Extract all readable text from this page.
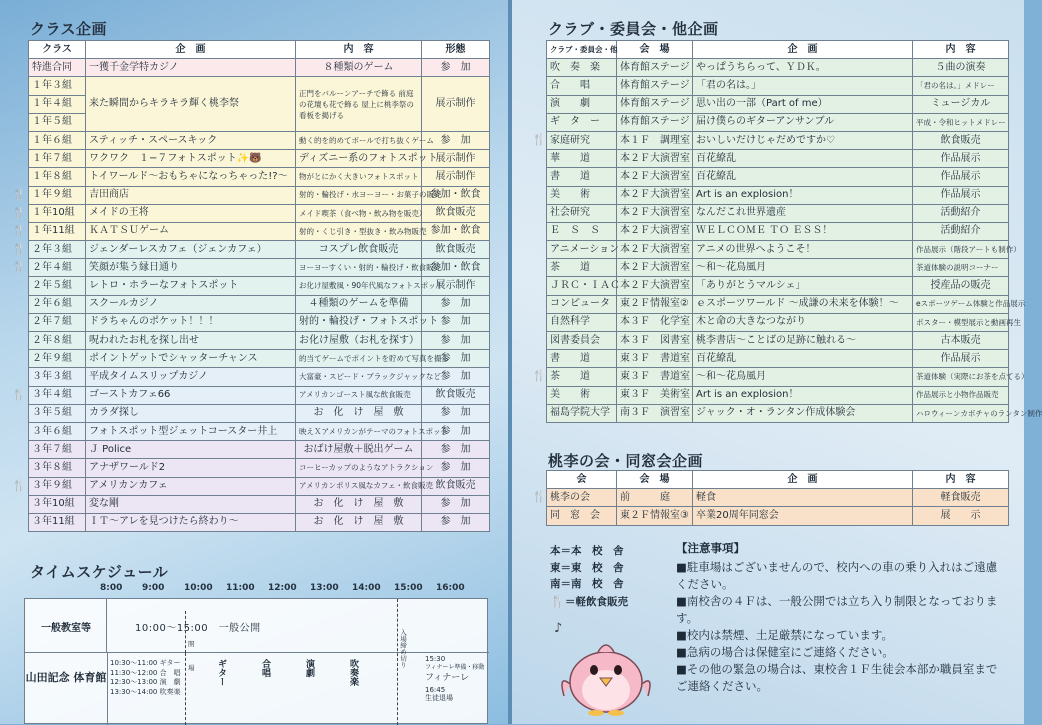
クラス企画
クラス	企　画	内　容	形態
特進合同	一獲千金学特カジノ	８種類のゲーム	参　加
１年３組	来た瞬間からキラキラ輝く桃李祭	正門をバルーンアーチで飾る 前庭の花壇も花で飾る 屋上に桃李祭の看板を掲げる	展示制作
１年４組			
１年５組			
１年６組	スティッチ・スペースキック	動く的を的めてボールで打ち抜くゲーム	参　加
１年７組	ワクワク　１−７フォトスポット✨🐻	ディズニー系のフォトスポット	展示制作
１年８組	トイワールド〜おもちゃになっちゃった!?〜	物がとにかく大きいフォトスポット	展示制作
１年９組	吉田商店	射的・輪投げ・水ヨーヨー・お菓子の販売	参加・飲食
１年10組	メイドの王将	メイド喫茶（食べ物・飲み物を販売）	飲食販売
１年11組	ＫＡＴＳＵゲーム	射的・くじ引き・型抜き・飲み物販売	参加・飲食
２年３組	ジェンダーレスカフェ（ジェンカフェ）	コスプレ飲食販売	飲食販売
２年４組	笑顔が集う縁日通り	ヨーヨーすくい・射的・輪投げ・飲食販売	参加・飲食
２年５組	レトロ・ホラーなフォトスポット	お化け屋敷風・90年代風なフォトスポット	展示制作
２年６組	スクールカジノ	４種類のゲームを準備	参　加
２年７組	ドラちゃんのポケット！！！	射的・輪投げ・フォトスポット	参　加
２年８組	呪われたお札を探し出せ	お化け屋敷（お札を探す）	参　加
２年９組	ポイントゲットでシャッターチャンス	的当てゲームでポイントを貯めて写真を撮る	参　加
３年３組	平成タイムスリップカジノ	大富豪・スピード・ブラックジャックなど	参　加
３年４組	ゴーストカフェ66	アメリカンゴースト風な飲食販売	飲食販売
３年５組	カラダ探し	お　化　け　屋　敷	参　加
３年６組	フォトスポット型ジェットコースター井上	映えＸアメリカンがテーマのフォトスポット	参　加
３年７組	Ｊ Police	おばけ屋敷＋脱出ゲーム	参　加
３年８組	アナザワールド2	コーヒーカップのようなアトラクション	参　加
３年９組	アメリカンカフェ	アメリカンポリス風なカフェ・飲食販売	飲食販売
３年10組	変な剛	お　化　け　屋　敷	参　加
３年11組	ＩＴ〜アレを見つけたら終わり〜	お　化　け　屋　敷	参　加
タイムスケジュール
8:00 9:00 10:00 11:00 12:00 13:00 14:00 15:00 16:00
一般教室等	10:00〜15:00　一般公開
開	入場締め切り
山田記念 体育館
10:30〜11:00 ギター
11:30〜12:00 合　唱
12:30〜13:00 演　劇
13:30〜14:00 吹奏楽
場 ギター	合唱	演劇	吹奏楽	15:30
フィナーレ準備・移動
フィナーレ
16:45
生徒退場
クラブ・委員会・他企画
クラブ・委員会・他	会　場	企　画	内　容
吹　奏　楽	体育館ステージ	やっぱうちらって、ＹＤＫ。	５曲の演奏
合　　唱	体育館ステージ	「君の名は。」	「君の名は。」メドレー
演　　劇	体育館ステージ	思い出の一部（Part of me）	ミュージカル
ギ　タ　ー	体育館ステージ	届け僕らのギターアンサンブル	平成・令和ヒットメドレー
家庭研究	本１Ｆ　調理室	おいしいだけじゃだめですか♡	飲食販売
華　　道	本２Ｆ大演習室	百花繚乱	作品展示
書　　道	本２Ｆ大演習室	百花繚乱	作品展示
美　　術	本２Ｆ大演習室	Art is an explosion！	作品展示
社会研究	本２Ｆ大演習室	なんだこれ世界遺産	活動紹介
Ｅ　Ｓ　Ｓ	本２Ｆ大演習室	ＷＥＬＣＯＭＥ ＴＯ ＥＳＳ！	活動紹介
アニメーション	本２Ｆ大演習室	アニメの世界へようこそ！	作品展示（階段アートも制作）
茶　　道	本２Ｆ大演習室	〜和〜花鳥風月	茶道体験の説明コーナー
ＪＲＣ・ＩＡＣ	本２Ｆ大演習室	「ありがとうマルシェ」	授産品の販売
コンピュータ	東２Ｆ情報室②	ｅスポーツワールド 〜成謙の未来を体験！〜	eスポーツゲーム体験と作品展示
自然科学	本３Ｆ　化学室	木と命の大きなつながり	ポスター・模型展示と動画再生
図書委員会	本３Ｆ　図書室	桃李書店〜ことばの足跡に触れる〜	古本販売
書　　道	東３Ｆ　書道室	百花繚乱	作品展示
茶　　道	東３Ｆ　書道室	〜和〜花鳥風月	茶道体験（実際にお茶を点てる）
美　　術	東３Ｆ　美術室	Art is an explosion！	作品展示と小物作品販売
福島学院大学	南３Ｆ　演習室	ジャック・オ・ランタン作成体験会	ハロウィーンカボチャのランタン制作
桃李の会・同窓会企画
会	会　場	企　画	内　容
桃李の会	前　　　庭	軽食	軽食販売
同　窓　会	東２Ｆ情報室③	卒業20周年同窓会	展　　示
本＝本　校　舎
東＝東　校　舎
南＝南　校　舎
🍴＝軽飲食販売
♪
【注意事項】
■駐車場はございませんので、校内への車の乗り入れはご遠慮ください。
■南校舎の４Ｆは、一般公開では立ち入り制限となっております。
■校内は禁煙、土足厳禁になっています。
■急病の場合は保健室にご連絡ください。
■その他の緊急の場合は、東校舎１Ｆ生徒会本部か職員室までご連絡ください。
🍴
🍴
🍴
🍴
🍴
🍴
🍴
🍴
🍴
🍴
